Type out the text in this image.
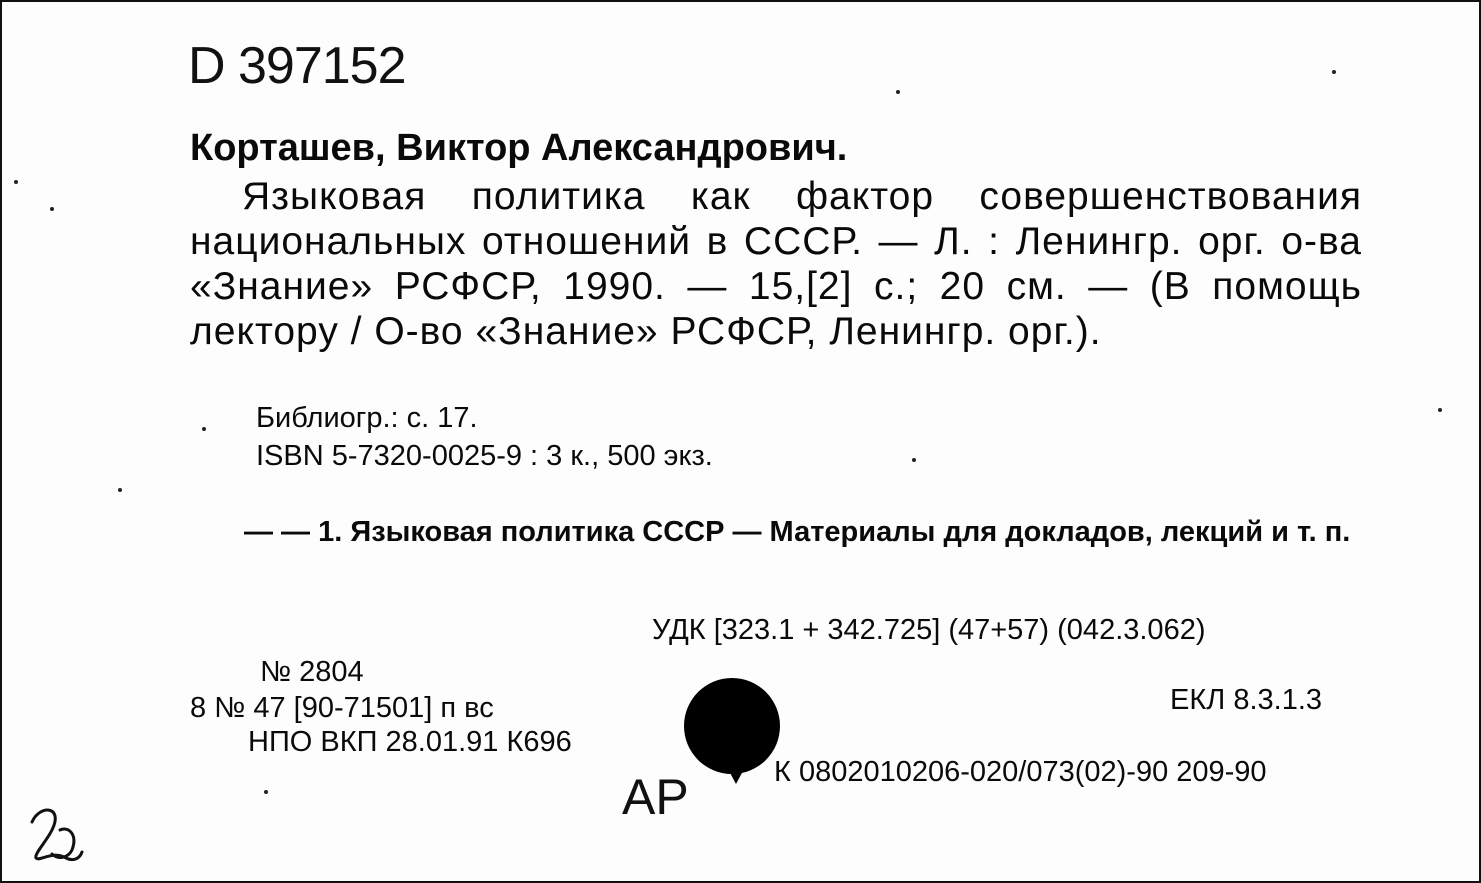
D 397152
Корташев, Виктор Александрович.
Языковая политика как фактор совершенствования национальных отношений в СССР. — Л. : Ленингр. орг. о-ва «Знание» РСФСР, 1990. — 15,[2] с.; 20 см. — (В помощь лектору / О-во «Знание» РСФСР, Ленингр. орг.).
Библиогр.: с. 17.
ISBN 5-7320-0025-9 : 3 к., 500 экз.
— — 1. Языковая политика СССР — Материалы для докладов, лекций и т. п.
УДК [323.1 + 342.725] (47+57) (042.3.062)
№ 2804
8 № 47 [90-71501] п вс	ЕКЛ 8.3.1.3
НПО ВКП 28.01.91 К696
К 0802010206-020/073(02)-90 209-90
АР
